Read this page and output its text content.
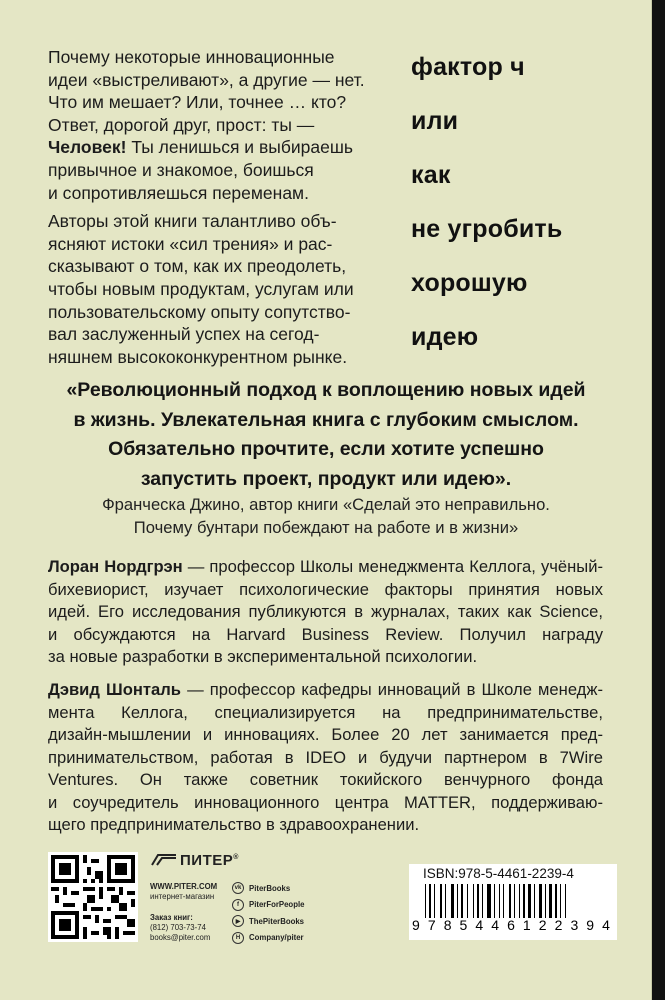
Почему некоторые инновационные
идеи «выстреливают», а другие — нет.
Что им мешает? Или, точнее … кто?
Ответ, дорогой друг, прост: ты —
Человек! Ты ленишься и выбираешь
привычное и знакомое, боишься
и сопротивляешься переменам.

Авторы этой книги талантливо объ-
ясняют истоки «сил трения» и рас-
сказывают о том, как их преодолеть,
чтобы новым продуктам, услугам или
пользовательскому опыту сопутство-
вал заслуженный успех на сегод-
няшнем высококонкурентном рынке.

фактор ч
или
как
не угробить
хорошую
идею
«Революционный подход к воплощению новых идей
в жизнь. Увлекательная книга с глубоким смыслом.
Обязательно прочтите, если хотите успешно
запустить проект, продукт или идею».
Франческа Джино, автор книги «Сделай это неправильно.
Почему бунтари побеждают на работе и в жизни»
Лоран Нордгрэн — профессор Школы менеджмента Келлога, учёный-
бихевиорист, изучает психологические факторы принятия новых
идей. Его исследования публикуются в журналах, таких как Science,
и обсуждаются на Harvard Business Review. Получил награду
за новые разработки в экспериментальной психологии.
Дэвид Шонталь — профессор кафедры инноваций в Школе менедж-
мента Келлога, специализируется на предпринимательстве,
дизайн-мышлении и инновациях. Более 20 лет занимается пред-
принимательством, работая в IDEO и будучи партнером в 7Wire
Ventures. Он также советник токийского венчурного фонда
и соучредитель инновационного центра MATTER, поддерживаю-
щего предпринимательство в здравоохранении.
ПИТЕР®
WWW.PITER.COM
интернет-магазин
Заказ книг:
(812) 703-73-74
books@piter.com
vk PiterBooks
f	PiterForPeople
▶	ThePiterBooks
H	Company/piter
ISBN:978-5-4461-2239-4
9 7 8 5 4 4 6 1 2 2 3 9 4
